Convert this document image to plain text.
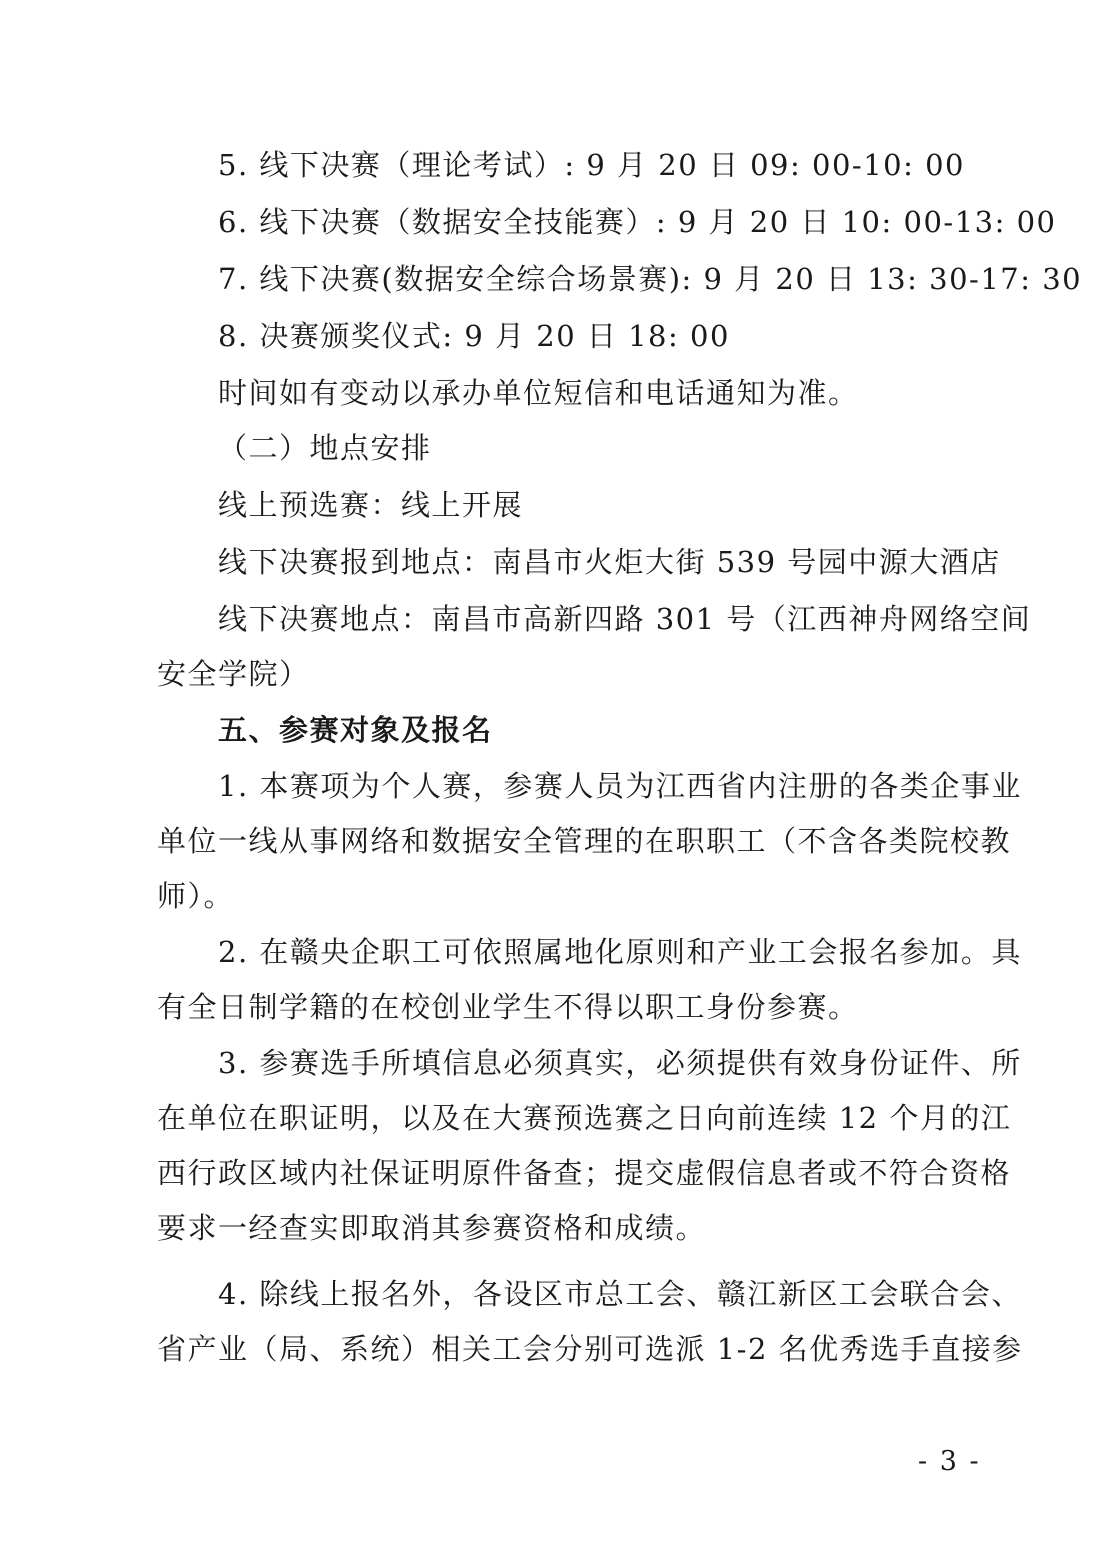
5. 线下决赛（理论考试）: 9 月 20 日 09: 00-10: 00
6. 线下决赛（数据安全技能赛）: 9 月 20 日 10: 00-13: 00
7. 线下决赛(数据安全综合场景赛): 9 月 20 日 13: 30-17: 30
8. 决赛颁奖仪式: 9 月 20 日 18: 00
时间如有变动以承办单位短信和电话通知为准。
（二）地点安排
线上预选赛：线上开展
线下决赛报到地点：南昌市火炬大街 539 号园中源大酒店
线下决赛地点：南昌市高新四路 301 号（江西神舟网络空间
安全学院）
五、参赛对象及报名
1. 本赛项为个人赛，参赛人员为江西省内注册的各类企事业
单位一线从事网络和数据安全管理的在职职工（不含各类院校教
师）。
2. 在赣央企职工可依照属地化原则和产业工会报名参加。具
有全日制学籍的在校创业学生不得以职工身份参赛。
3. 参赛选手所填信息必须真实，必须提供有效身份证件、所
在单位在职证明，以及在大赛预选赛之日向前连续 12 个月的江
西行政区域内社保证明原件备查；提交虚假信息者或不符合资格
要求一经查实即取消其参赛资格和成绩。
4. 除线上报名外，各设区市总工会、赣江新区工会联合会、
省产业（局、系统）相关工会分别可选派 1-2 名优秀选手直接参
- 3 -
